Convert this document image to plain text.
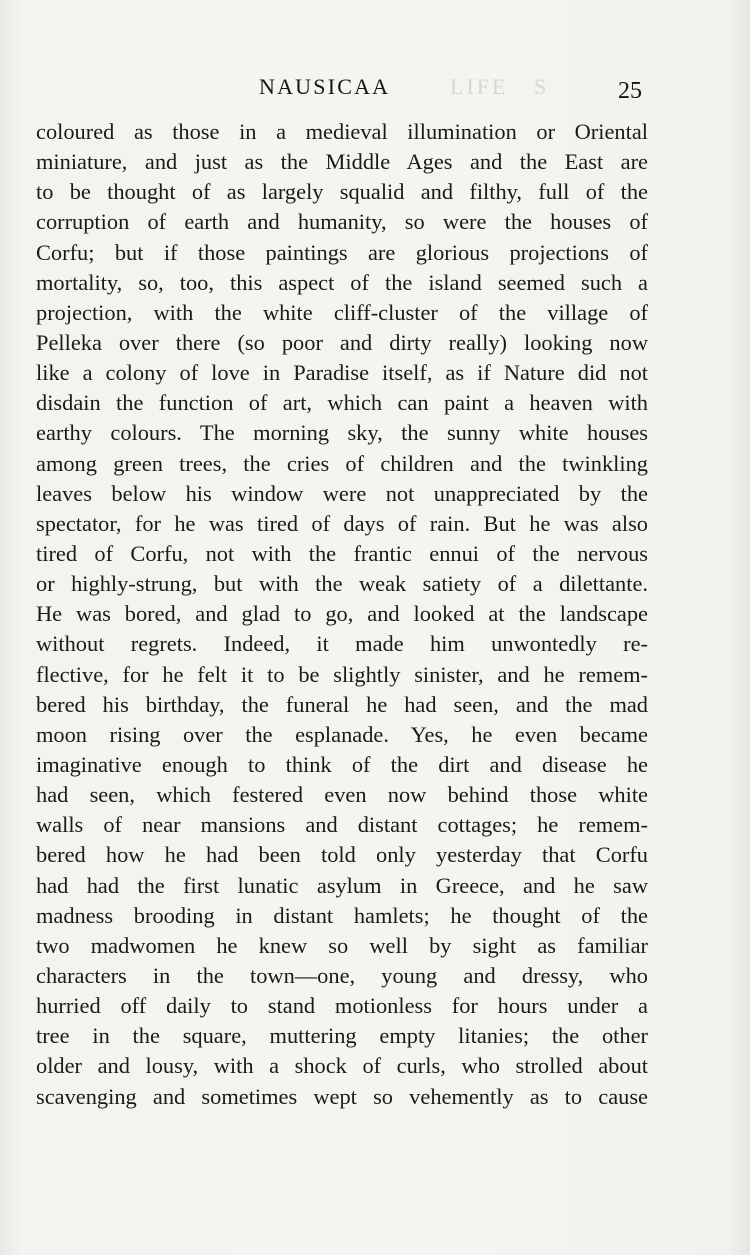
LIFE   S
NAUSICAA	25
coloured as those in a medieval illumination or Oriental
miniature, and just as the Middle Ages and the East are
to be thought of as largely squalid and filthy, full of the
corruption of earth and humanity, so were the houses of
Corfu; but if those paintings are glorious projections of
mortality, so, too, this aspect of the island seemed such a
projection, with the white cliff-cluster of the village of
Pelleka over there (so poor and dirty really) looking now
like a colony of love in Paradise itself, as if Nature did not
disdain the function of art, which can paint a heaven with
earthy colours. The morning sky, the sunny white houses
among green trees, the cries of children and the twinkling
leaves below his window were not unappreciated by the
spectator, for he was tired of days of rain. But he was also
tired of Corfu, not with the frantic ennui of the nervous
or highly-strung, but with the weak satiety of a dilettante.
He was bored, and glad to go, and looked at the landscape
without regrets. Indeed, it made him unwontedly re-
flective, for he felt it to be slightly sinister, and he remem-
bered his birthday, the funeral he had seen, and the mad
moon rising over the esplanade. Yes, he even became
imaginative enough to think of the dirt and disease he
had seen, which festered even now behind those white
walls of near mansions and distant cottages; he remem-
bered how he had been told only yesterday that Corfu
had had the first lunatic asylum in Greece, and he saw
madness brooding in distant hamlets; he thought of the
two madwomen he knew so well by sight as familiar
characters in the town—one, young and dressy, who
hurried off daily to stand motionless for hours under a
tree in the square, muttering empty litanies; the other
older and lousy, with a shock of curls, who strolled about
scavenging and sometimes wept so vehemently as to cause
